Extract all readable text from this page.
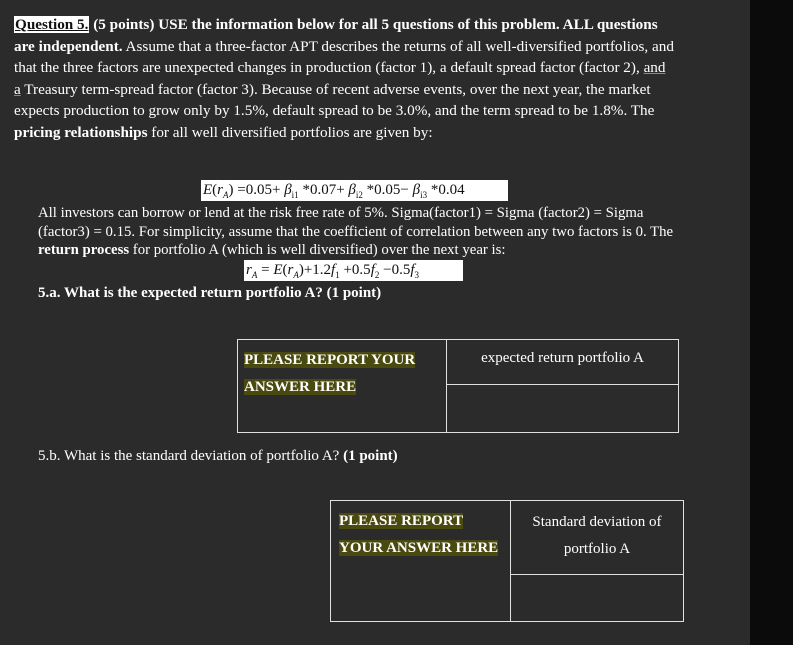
Question 5. (5 points) USE the information below for all 5 questions of this problem. ALL questions are independent. Assume that a three-factor APT describes the returns of all well-diversified portfolios, and that the three factors are unexpected changes in production (factor 1), a default spread factor (factor 2), and a Treasury term-spread factor (factor 3). Because of recent adverse events, over the next year, the market expects production to grow only by 1.5%, default spread to be 3.0%, and the term spread to be 1.8%. The pricing relationships for all well diversified portfolios are given by:
$E(r_A) =0.05+ \beta_{i1}$ $*0.07+ \beta_{i2}$ $*0.05- \beta_{i3}$ *0.04
All investors can borrow or lend at the risk free rate of 5%. Sigma(factor1) = Sigma (factor2) = Sigma (factor3) = 0.15. For simplicity, assume that the coefficient of correlation between any two factors is 0. The return process for portfolio A (which is well diversified) over the next year is:
$r_A = E(r_A)+1.2f_1 +0.5f_2 -0.5f_3$
5.a. What is the expected return portfolio A? (1 point)
PLEASE REPORT YOUR ANSWER HERE	expected return portfolio A

5.b. What is the standard deviation of portfolio A? (1 point)
PLEASE REPORT YOUR ANSWER HERE	Standard deviation of portfolio A
